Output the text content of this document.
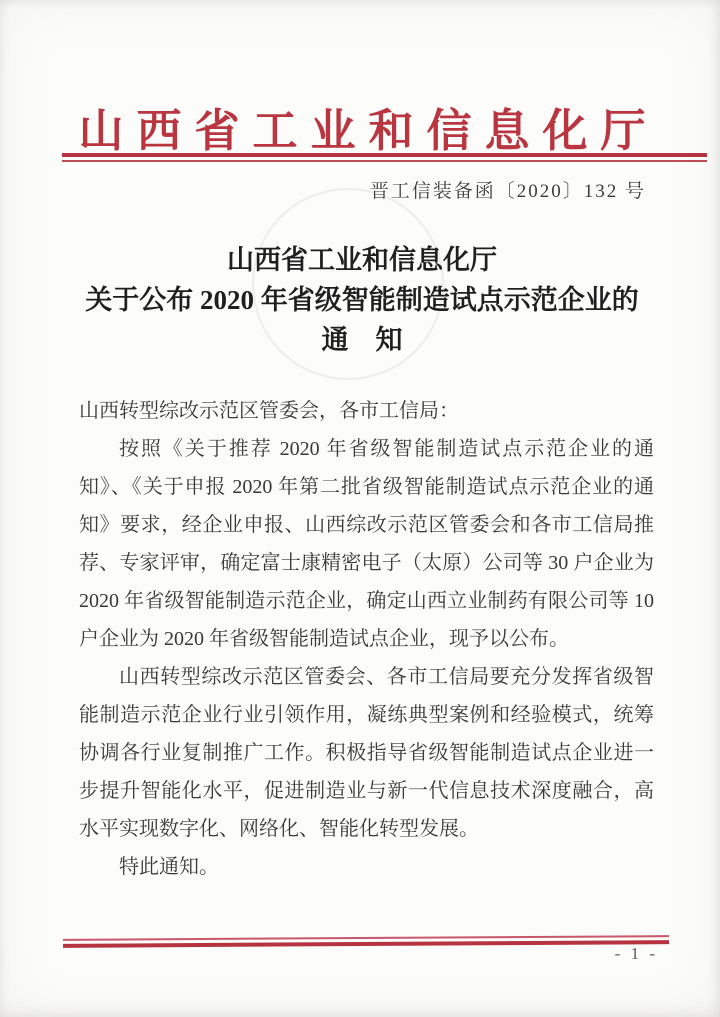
山西省工业和信息化厅
晋工信装备函〔2020〕132 号
山西省工业和信息化厅
关于公布 2020 年省级智能制造试点示范企业的
通　知

山西转型综改示范区管委会，各市工信局：

按照《关于推荐 2020 年省级智能制造试点示范企业的通知》、《关于申报 2020 年第二批省级智能制造试点示范企业的通知》要求，经企业申报、山西综改示范区管委会和各市工信局推荐、专家评审，确定富士康精密电子（太原）公司等 30 户企业为 2020 年省级智能制造示范企业，确定山西立业制药有限公司等 10 户企业为 2020 年省级智能制造试点企业，现予以公布。

山西转型综改示范区管委会、各市工信局要充分发挥省级智能制造示范企业行业引领作用，凝练典型案例和经验模式，统筹协调各行业复制推广工作。积极指导省级智能制造试点企业进一步提升智能化水平，促进制造业与新一代信息技术深度融合，高水平实现数字化、网络化、智能化转型发展。

特此通知。

- 1 -
